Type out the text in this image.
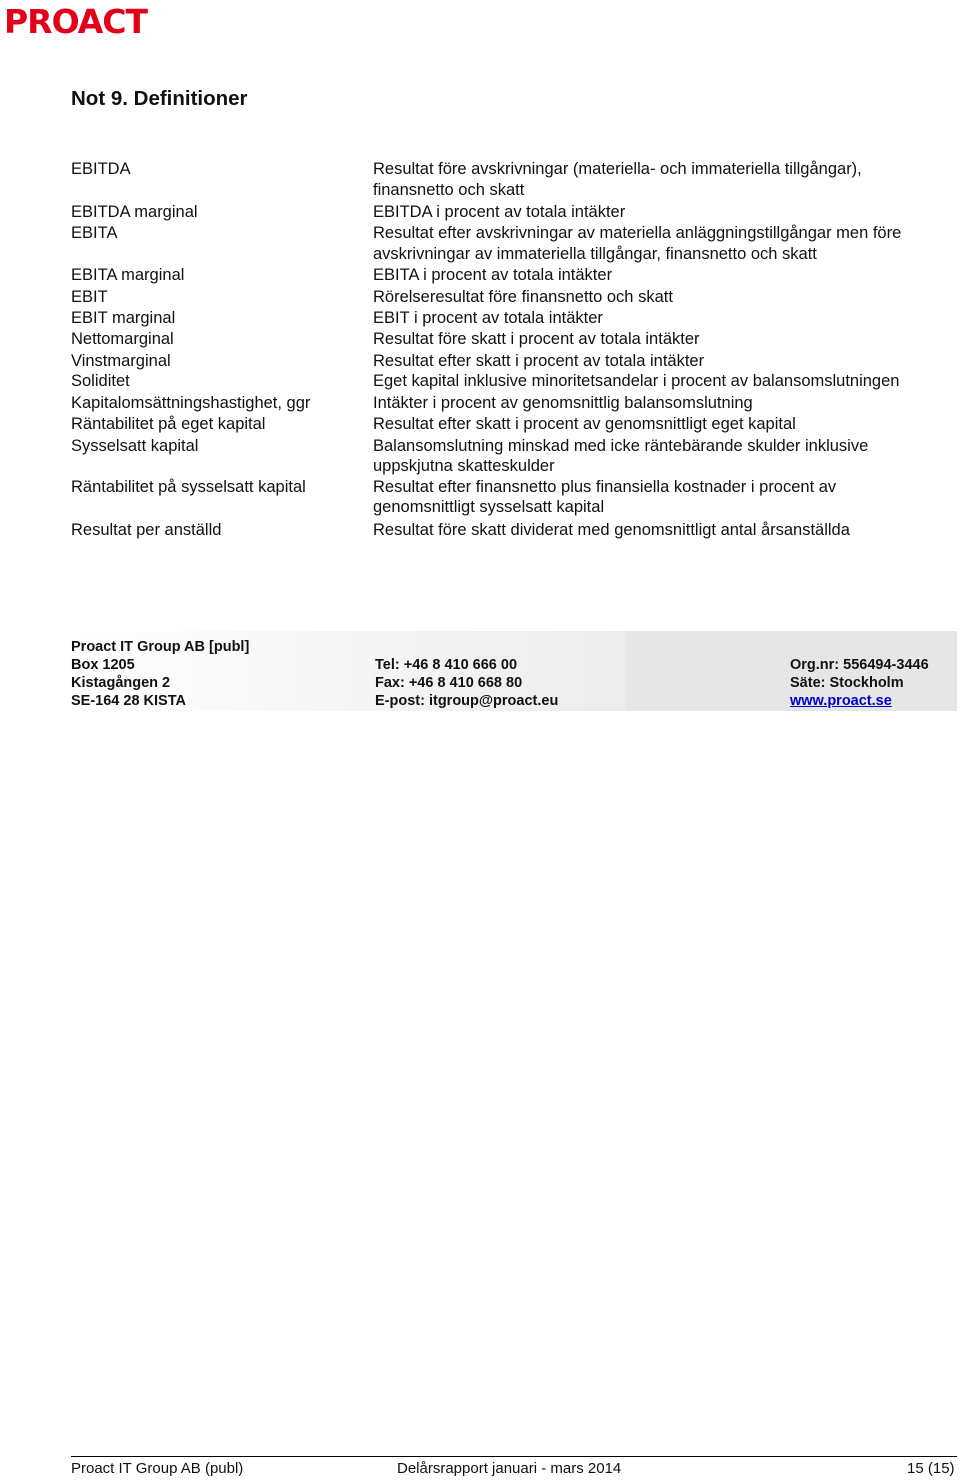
PROACT
Not 9. Definitioner
EBITDA	Resultat före avskrivningar (materiella- och immateriella tillgångar),
finansnetto och skatt
EBITDA marginal	EBITDA i procent av totala intäkter
EBITA	Resultat efter avskrivningar av materiella anläggningstillgångar men före
avskrivningar av immateriella tillgångar, finansnetto och skatt
EBITA marginal	EBITA i procent av totala intäkter
EBIT	Rörelseresultat före finansnetto och skatt
EBIT marginal	EBIT i procent av totala intäkter
Nettomarginal	Resultat före skatt i procent av totala intäkter
Vinstmarginal	Resultat efter skatt i procent av totala intäkter
Soliditet	Eget kapital inklusive minoritetsandelar i procent av balansomslutningen
Kapitalomsättningshastighet, ggr	Intäkter i procent av genomsnittlig balansomslutning
Räntabilitet på eget kapital	Resultat efter skatt i procent av genomsnittligt eget kapital
Sysselsatt kapital	Balansomslutning minskad med icke räntebärande skulder inklusive
uppskjutna skatteskulder
Räntabilitet på sysselsatt kapital	Resultat efter finansnetto plus finansiella kostnader i procent av
genomsnittligt sysselsatt kapital
Resultat per anställd	Resultat före skatt dividerat med genomsnittligt antal årsanställda
Proact IT Group AB [publ]
Box 1205
Kistagången 2
SE-164 28 KISTA
Tel: +46 8 410 666 00
Fax: +46 8 410 668 80
E-post: itgroup@proact.eu
Org.nr: 556494-3446
Säte: Stockholm
www.proact.se
Proact IT Group AB (publ)	Delårsrapport januari - mars 2014	15 (15)
